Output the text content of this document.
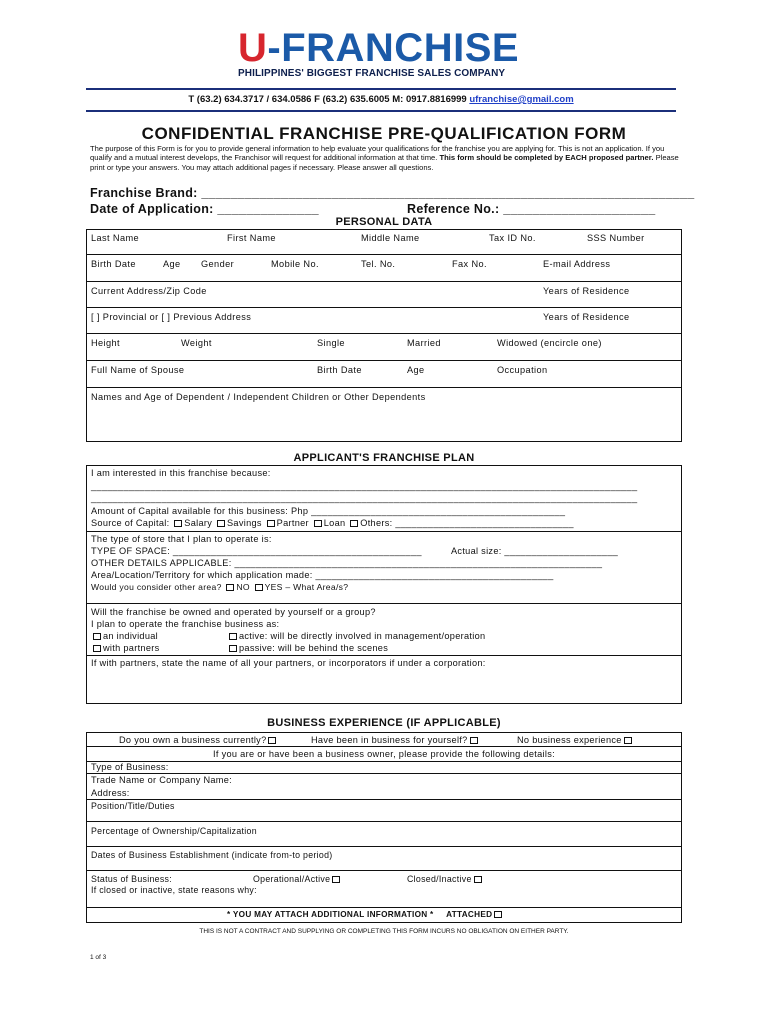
U-FRANCHISE
PHILIPPINES' BIGGEST FRANCHISE SALES COMPANY
T (63.2) 634.3717 / 634.0586 F (63.2) 635.6005 M: 0917.8816999 ufranchise@gmail.com
CONFIDENTIAL FRANCHISE PRE-QUALIFICATION FORM
The purpose of this Form is for you to provide general information to help evaluate your qualifications for the franchise you are applying for. This is not an application. If you qualify and a mutual interest develops, the Franchisor will request for additional information at that time. This form should be completed by EACH proposed partner. Please print or type your answers. You may attach additional pages if necessary. Please answer all questions.
Franchise Brand: ____________________________________________________________________
Date of Application: ______________	Reference No.: _____________________
PERSONAL DATA
Last Name	First Name	Middle Name	Tax ID No.	SSS Number
Birth Date	Age Gender	Mobile No.	Tel. No.	Fax No.	E-mail Address
Current Address/Zip Code	Years of Residence
[ ] Provincial or [ ] Previous Address	Years of Residence
Height	Weight	Single	Married	Widowed (encircle one)
Full Name of Spouse	Birth Date	Age	Occupation
Names and Age of Dependent / Independent Children or Other Dependents
APPLICANT'S FRANCHISE PLAN
I am interested in this franchise because:
_____________________________________________________________________________________________________
_____________________________________________________________________________________________________
Amount of Capital available for this business: Php _______________________________________________
Source of Capital: Salary Savings Partner Loan Others: _________________________________
The type of store that I plan to operate is:
TYPE OF SPACE: ______________________________________________	Actual size: _____________________
OTHER DETAILS APPLICABLE: ____________________________________________________________________
Area/Location/Territory for which application made: ____________________________________________
Would you consider other area? NO YES – What Area/s?
Will the franchise be owned and operated by yourself or a group?
I plan to operate the franchise business as:
an individual	active: will be directly involved in management/operation
with partners	passive: will be behind the scenes
If with partners, state the name of all your partners, or incorporators if under a corporation:
BUSINESS EXPERIENCE (IF APPLICABLE)
Do you own a business currently?	Have been in business for yourself?	No business experience
If you are or have been a business owner, please provide the following details:
Type of Business:
Trade Name or Company Name:
Address:
Position/Title/Duties
Percentage of Ownership/Capitalization
Dates of Business Establishment (indicate from-to period)
Status of Business:	Operational/Active	Closed/Inactive
If closed or inactive, state reasons why:
* YOU MAY ATTACH ADDITIONAL INFORMATION * ATTACHED
THIS IS NOT A CONTRACT AND SUPPLYING OR COMPLETING THIS FORM INCURS NO OBLIGATION ON EITHER PARTY.
1 of 3
